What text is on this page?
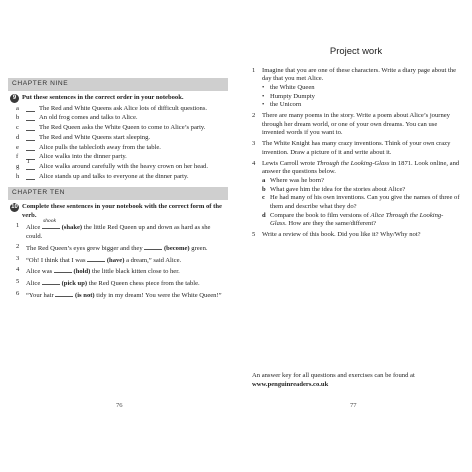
CHAPTER NINE
9 Put these sentences in the correct order in your notebook.
a	The Red and White Queens ask Alice lots of difficult questions.
b	An old frog comes and talks to Alice.
c	The Red Queen asks the White Queen to come to Alice’s party.
d	The Red and White Queens start sleeping.
e	Alice pulls the tablecloth away from the table.
f	Alice walks into the dinner party.
g
1
Alice walks around carefully with the heavy crown on her head.
h	Alice stands up and talks to everyone at the dinner party.
CHAPTER TEN
10 Complete these sentences in your notebook with the correct form of the verb.
1	Alice
shook
(shake) the little Red Queen up and down as hard as she could.
2	The Red Queen’s eyes grew bigger and they	(become) green.
3	“Oh! I think that I was	(have) a dream,” said Alice.
4	Alice was	(hold) the little black kitten close to her.
5	Alice	(pick up) the Red Queen chess piece from the table.
6	“Your hair	(is not) tidy in my dream! You were the White Queen!”
76
Project work
1	Imagine that you are one of these characters. Write a diary page about the day that you met Alice.
• the White Queen
• Humpty Dumpty
• the Unicorn
2	There are many poems in the story. Write a poem about Alice’s journey through her dream world, or one of your own dreams. You can use invented words if you want to.
3	The White Knight has many crazy inventions. Think of your own crazy invention. Draw a picture of it and write about it.
4	Lewis Carroll wrote Through the Looking-Glass in 1871. Look online, and answer the questions below.
a Where was he born?
b What gave him the idea for the stories about Alice?
c He had many of his own inventions. Can you give the names of three of them and describe what they do?
d Compare the book to film versions of Alice Through the Looking-Glass. How are they the same/different?
5	Write a review of this book. Did you like it? Why/Why not?
An answer key for all questions and exercises can be found at
www.penguinreaders.co.uk
77
